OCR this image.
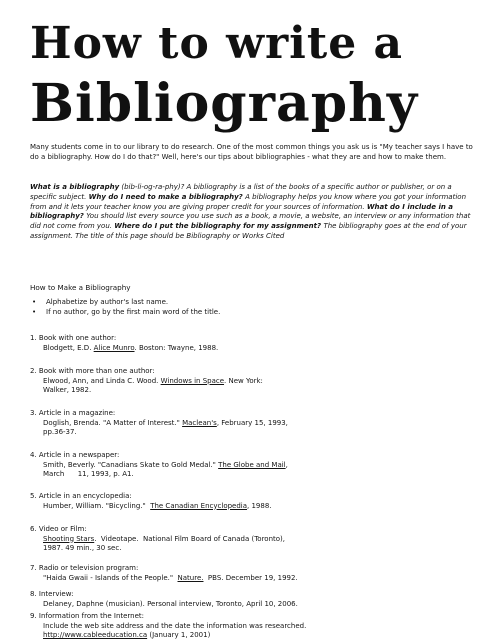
How to write a
Bibliography
Many students come in to our library to do research. One of the most common things you ask us is "My teacher says I have to do a bibliography. How do I do that?" Well, here's our tips about bibliographies - what they are and how to make them.
What is a bibliography (bib-li-og-ra-phy)? A bibliography is a list of the books of a specific author or publisher, or on a specific subject. Why do I need to make a bibliography? A bibliography helps you know where you got your information from and it lets your teacher know you are giving proper credit for your sources of information. What do I include in a bibliography? You should list every source you use such as a book, a movie, a website, an interview or any information that did not come from you. Where do I put the bibliography for my assignment? The bibliography goes at the end of your assignment. The title of this page should be Bibliography or Works Cited
How to Make a Bibliography
• Alphabetize by author's last name.
• If no author, go by the first main word of the title.
1. Book with one author:
Blodgett, E.D. Alice Munro. Boston: Twayne, 1988.
2. Book with more than one author:
Elwood, Ann, and Linda C. Wood. Windows in Space. New York:
Walker, 1982.
3. Article in a magazine:
Doglish, Brenda. "A Matter of Interest." Maclean's, February 15, 1993,
pp.36-37.
4. Article in a newspaper:
Smith, Beverly. "Canadians Skate to Gold Medal." The Globe and Mail,
March      11, 1993, p. A1.
5. Article in an encyclopedia:
Humber, William. "Bicycling."  The Canadian Encyclopedia, 1988.
6. Video or Film:
Shooting Stars.  Videotape.  National Film Board of Canada (Toronto),
1987. 49 min., 30 sec.
7. Radio or television program:
"Haida Gwaii - Islands of the People."  Nature.  PBS. December 19, 1992.
8. Interview:
Delaney, Daphne (musician). Personal interview, Toronto, April 10, 2006.
9. Information from the Internet:
Include the web site address and the date the information was researched.
http://www.cableeducation.ca (January 1, 2001)
